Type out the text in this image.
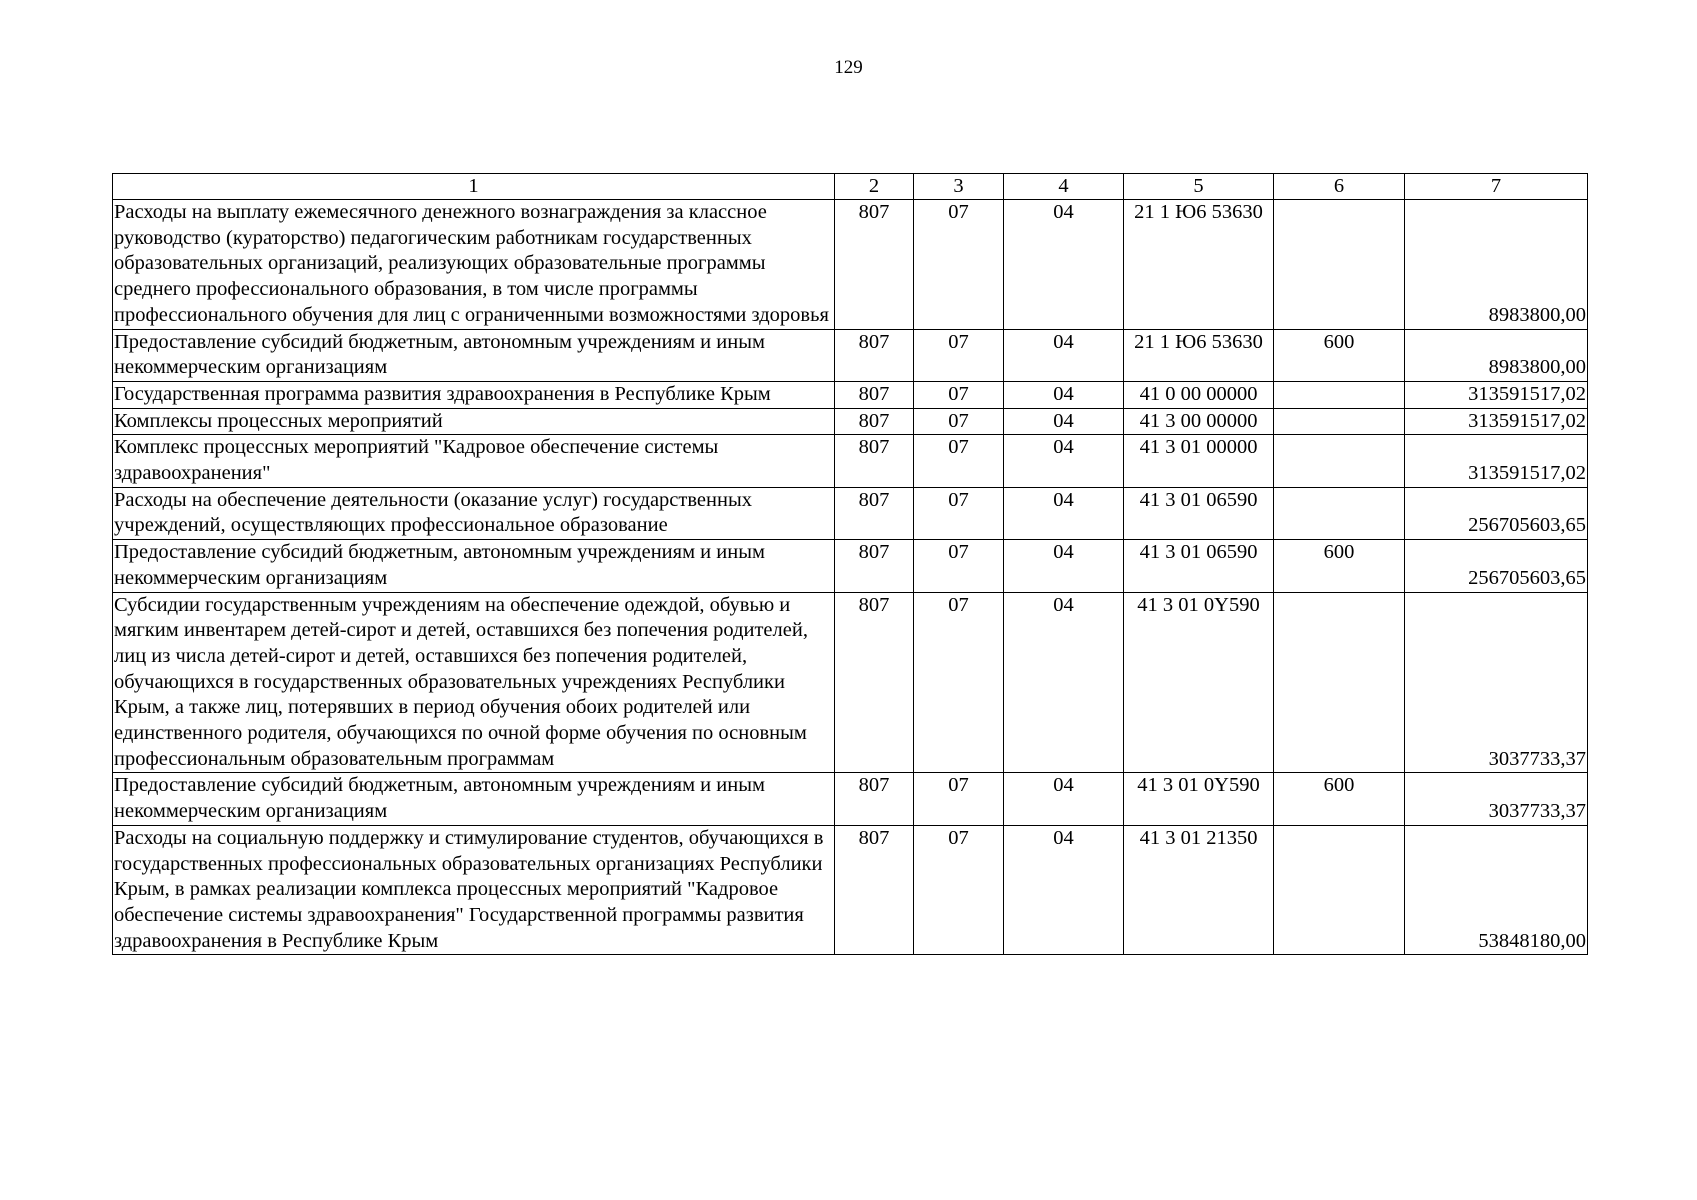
129
1	2	3	4	5	6	7
Расходы на выплату ежемесячного денежного вознаграждения за классное руководство (кураторство) педагогическим работникам государственных образовательных организаций, реализующих образовательные программы среднего профессионального образования, в том числе программы профессионального обучения для лиц с ограниченными возможностями здоровья	807	07	04	21 1 Ю6 53630		8983800,00
Предоставление субсидий бюджетным, автономным учреждениям и иным некоммерческим организациям	807	07	04	21 1 Ю6 53630	600	8983800,00
Государственная программа развития здравоохранения в Республике Крым	807	07	04	41 0 00 00000		313591517,02
Комплексы процессных мероприятий	807	07	04	41 3 00 00000		313591517,02
Комплекс процессных мероприятий "Кадровое обеспечение системы здравоохранения"	807	07	04	41 3 01 00000		313591517,02
Расходы на обеспечение деятельности (оказание услуг) государственных учреждений, осуществляющих профессиональное образование	807	07	04	41 3 01 06590		256705603,65
Предоставление субсидий бюджетным, автономным учреждениям и иным некоммерческим организациям	807	07	04	41 3 01 06590	600	256705603,65
Субсидии государственным учреждениям на обеспечение одеждой, обувью и мягким инвентарем детей-сирот и детей, оставшихся без попечения родителей, лиц из числа детей-сирот и детей, оставшихся без попечения родителей, обучающихся в государственных образовательных учреждениях Республики Крым, а также лиц, потерявших в период обучения обоих родителей или единственного родителя, обучающихся по очной форме обучения по основным профессиональным образовательным программам	807	07	04	41 3 01 0Y590		3037733,37
Предоставление субсидий бюджетным, автономным учреждениям и иным некоммерческим организациям	807	07	04	41 3 01 0Y590	600	3037733,37
Расходы на социальную поддержку и стимулирование студентов, обучающихся в государственных профессиональных образовательных организациях Республики Крым, в рамках реализации комплекса процессных мероприятий "Кадровое обеспечение системы здравоохранения" Государственной программы развития здравоохранения в Республике Крым	807	07	04	41 3 01 21350		53848180,00
